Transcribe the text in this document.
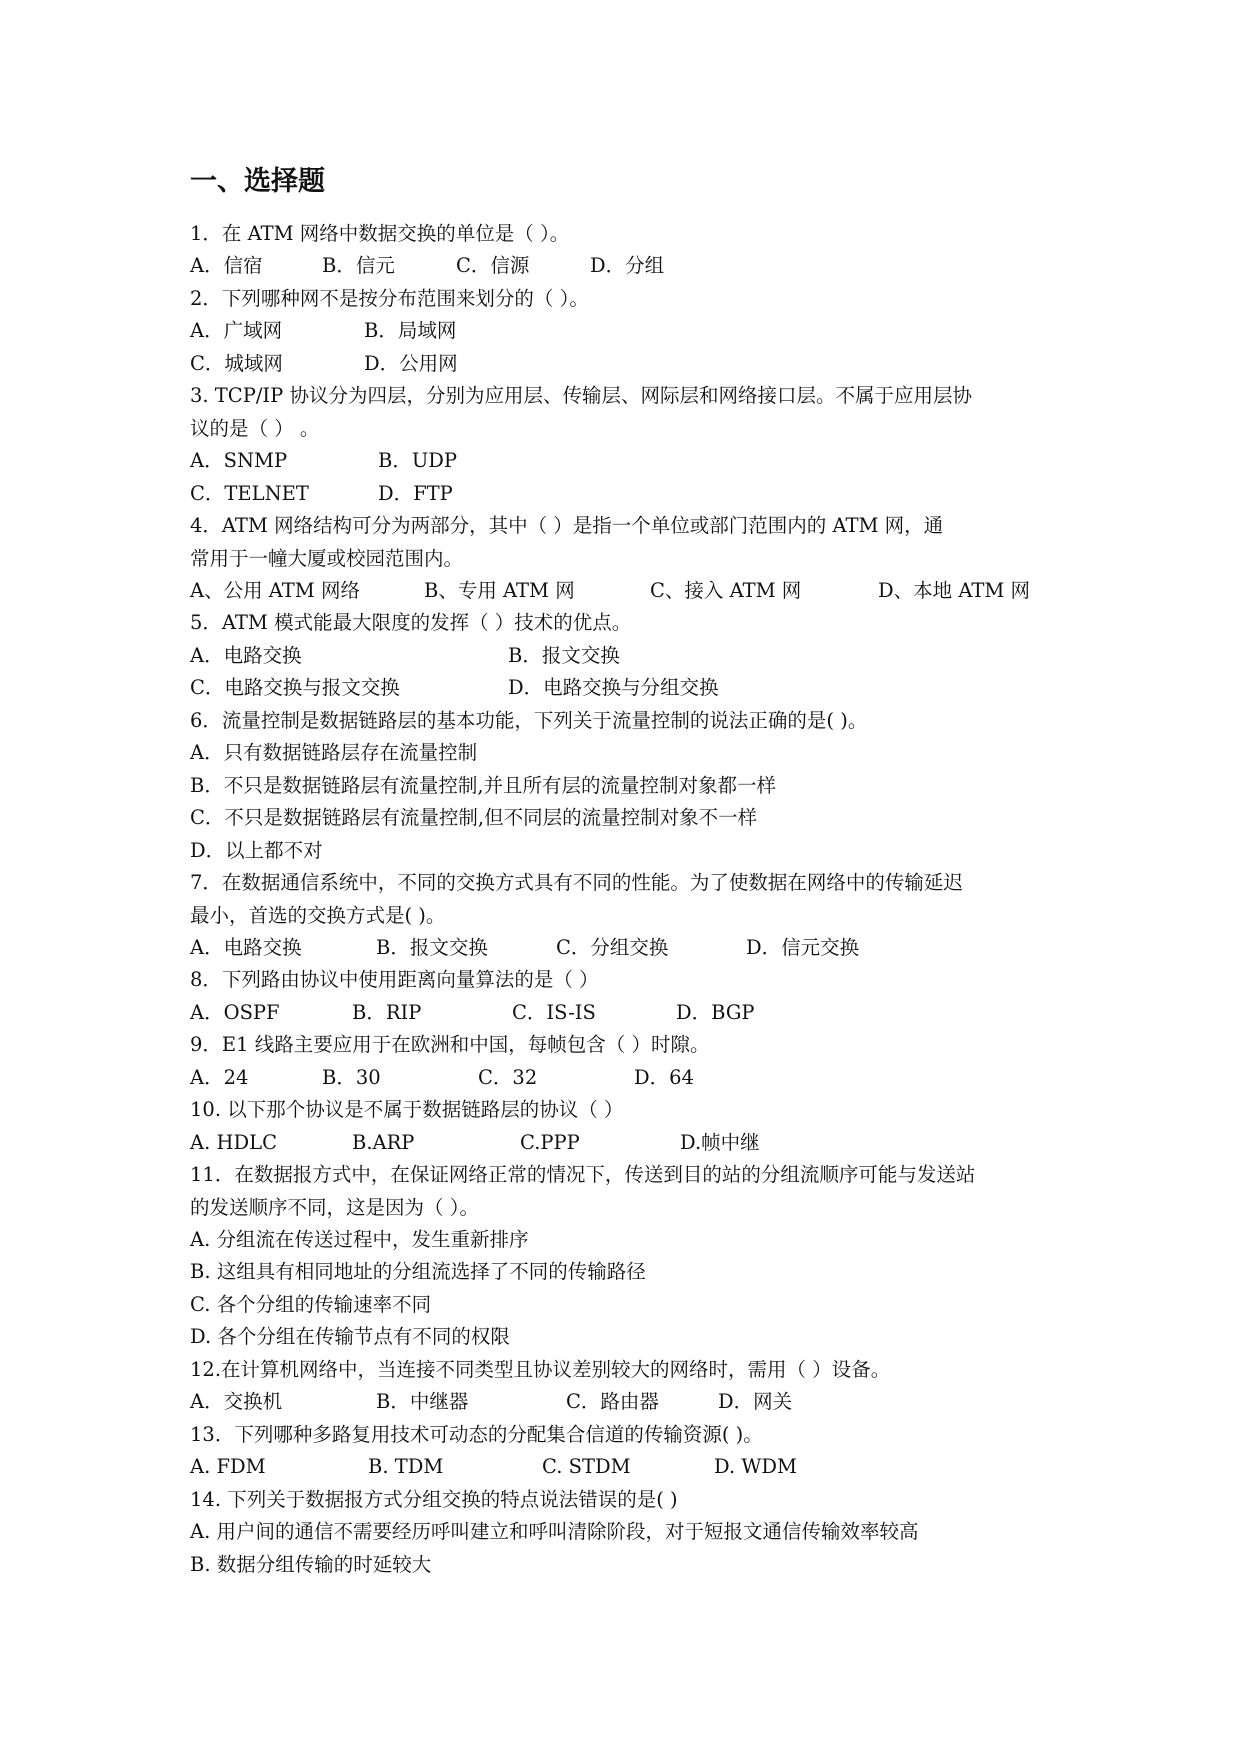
一、选择题
1．在 ATM 网络中数据交换的单位是（ ）。
A．信宿	B．信元	C．信源	D．分组
2．下列哪种网不是按分布范围来划分的（ ）。
A．广域网	B．局域网
C．城域网	D．公用网
3. TCP/IP 协议分为四层，分别为应用层、传输层、网际层和网络接口层。不属于应用层协
议的是（ ） 。
A．SNMP	B．UDP
C．TELNET	D．FTP
4．ATM 网络结构可分为两部分，其中（ ）是指一个单位或部门范围内的 ATM 网，通
常用于一幢大厦或校园范围内。
A、公用 ATM 网络	B、专用 ATM 网	C、接入 ATM 网	D、本地 ATM 网
5．ATM 模式能最大限度的发挥（ ）技术的优点。
A．电路交换	B．报文交换
C．电路交换与报文交换	D．电路交换与分组交换
6．流量控制是数据链路层的基本功能，下列关于流量控制的说法正确的是( )。
A．只有数据链路层存在流量控制
B．不只是数据链路层有流量控制,并且所有层的流量控制对象都一样
C．不只是数据链路层有流量控制,但不同层的流量控制对象不一样
D．以上都不对
7．在数据通信系统中，不同的交换方式具有不同的性能。为了使数据在网络中的传输延迟
最小，首选的交换方式是( )。
A．电路交换	B．报文交换	C．分组交换	D．信元交换
8．下列路由协议中使用距离向量算法的是（ ）
A．OSPF	B．RIP	C．IS-IS	D．BGP
9．E1 线路主要应用于在欧洲和中国，每帧包含（ ）时隙。
A．24	B．30	C．32	D．64
10. 以下那个协议是不属于数据链路层的协议（ ）
A. HDLC	B.ARP	C.PPP	D.帧中继
11．在数据报方式中，在保证网络正常的情况下，传送到目的站的分组流顺序可能与发送站
的发送顺序不同，这是因为（ ）。
A. 分组流在传送过程中，发生重新排序
B. 这组具有相同地址的分组流选择了不同的传输路径
C. 各个分组的传输速率不同
D. 各个分组在传输节点有不同的权限
12.在计算机网络中，当连接不同类型且协议差别较大的网络时，需用（ ）设备。
A．交换机	B．中继器	C．路由器	D．网关
13．下列哪种多路复用技术可动态的分配集合信道的传输资源( )。
A. FDM	B. TDM	C. STDM	D. WDM
14. 下列关于数据报方式分组交换的特点说法错误的是( )
A. 用户间的通信不需要经历呼叫建立和呼叫清除阶段，对于短报文通信传输效率较高
B. 数据分组传输的时延较大
